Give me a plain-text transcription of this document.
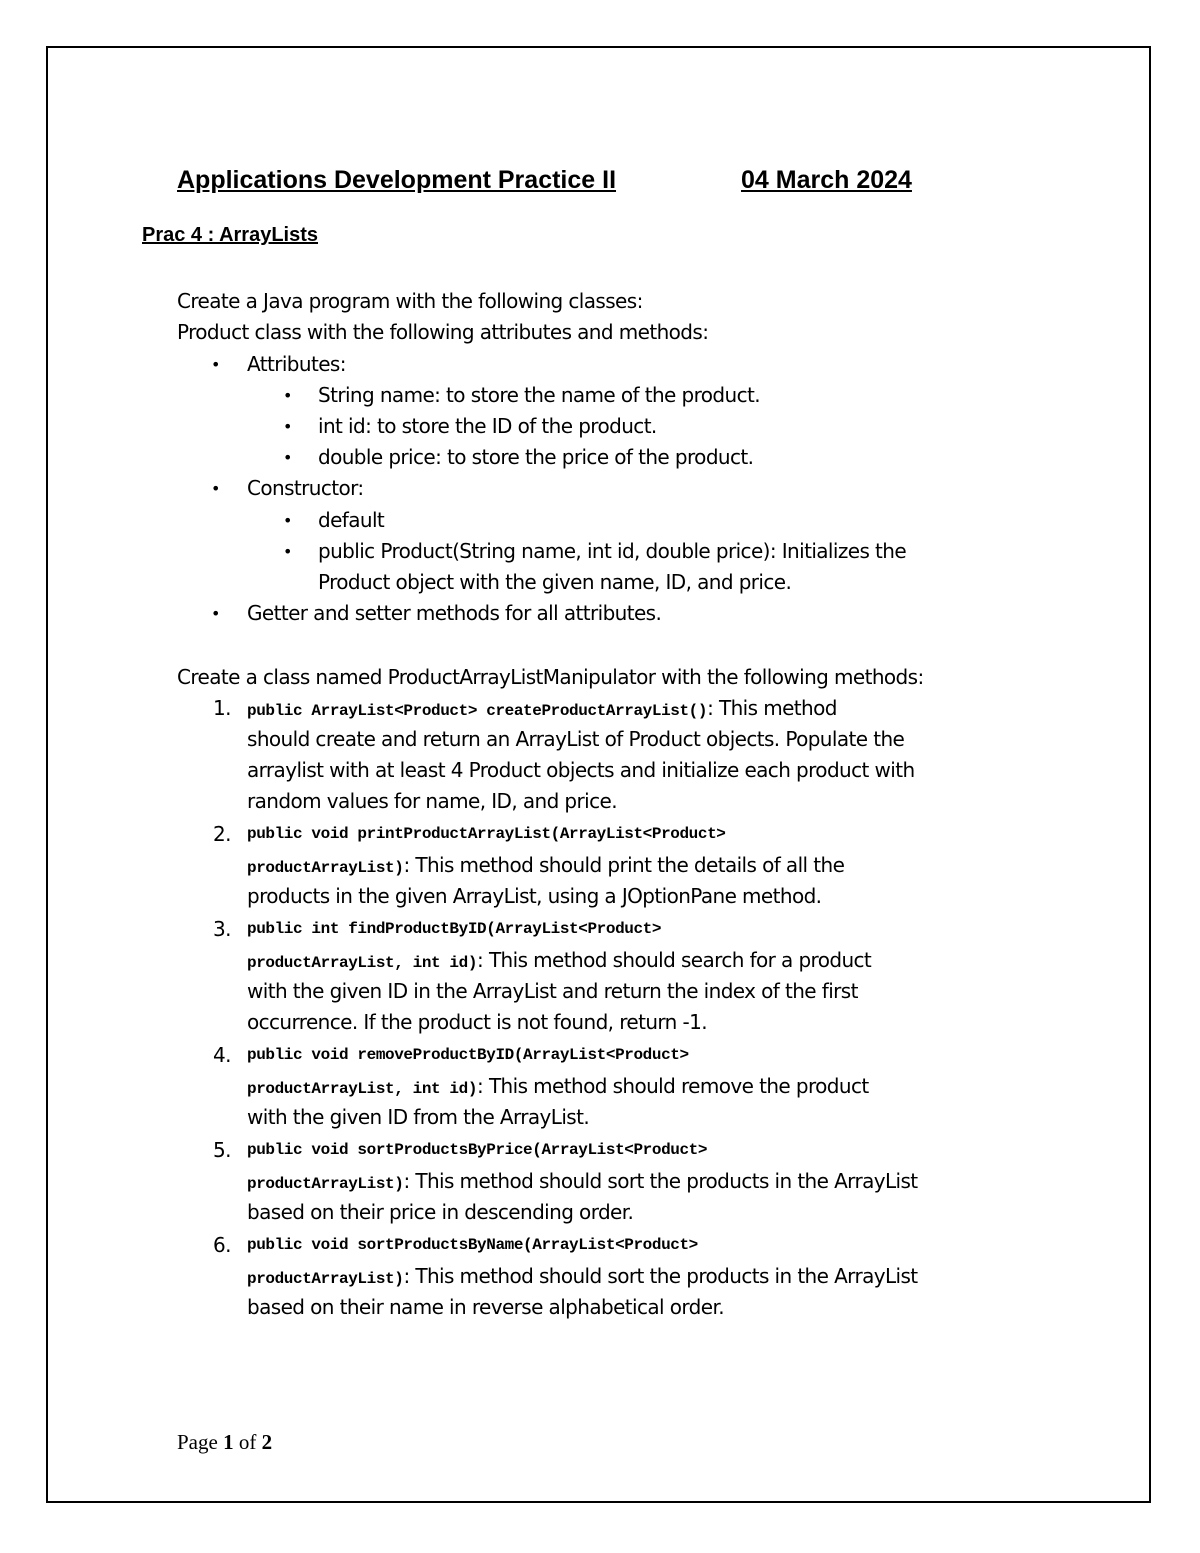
Applications Development Practice II	04 March 2024
Prac 4 : ArrayLists
Create a Java program with the following classes:
Product class with the following attributes and methods:
• Attributes:
• String name: to store the name of the product.
• int id: to store the ID of the product.
• double price: to store the price of the product.
• Constructor:
• default
• public Product(String name, int id, double price): Initializes the
Product object with the given name, ID, and price.
• Getter and setter methods for all attributes.
Create a class named ProductArrayListManipulator with the following methods:
1. public ArrayList<Product> createProductArrayList(): This method
should create and return an ArrayList of Product objects. Populate the
arraylist with at least 4 Product objects and initialize each product with
random values for name, ID, and price.
2. public void printProductArrayList(ArrayList<Product>
productArrayList): This method should print the details of all the
products in the given ArrayList, using a JOptionPane method.
3. public int findProductByID(ArrayList<Product>
productArrayList, int id): This method should search for a product
with the given ID in the ArrayList and return the index of the first
occurrence. If the product is not found, return -1.
4. public void removeProductByID(ArrayList<Product>
productArrayList, int id): This method should remove the product
with the given ID from the ArrayList.
5. public void sortProductsByPrice(ArrayList<Product>
productArrayList): This method should sort the products in the ArrayList
based on their price in descending order.
6. public void sortProductsByName(ArrayList<Product>
productArrayList): This method should sort the products in the ArrayList
based on their name in reverse alphabetical order.
Page 1 of 2
